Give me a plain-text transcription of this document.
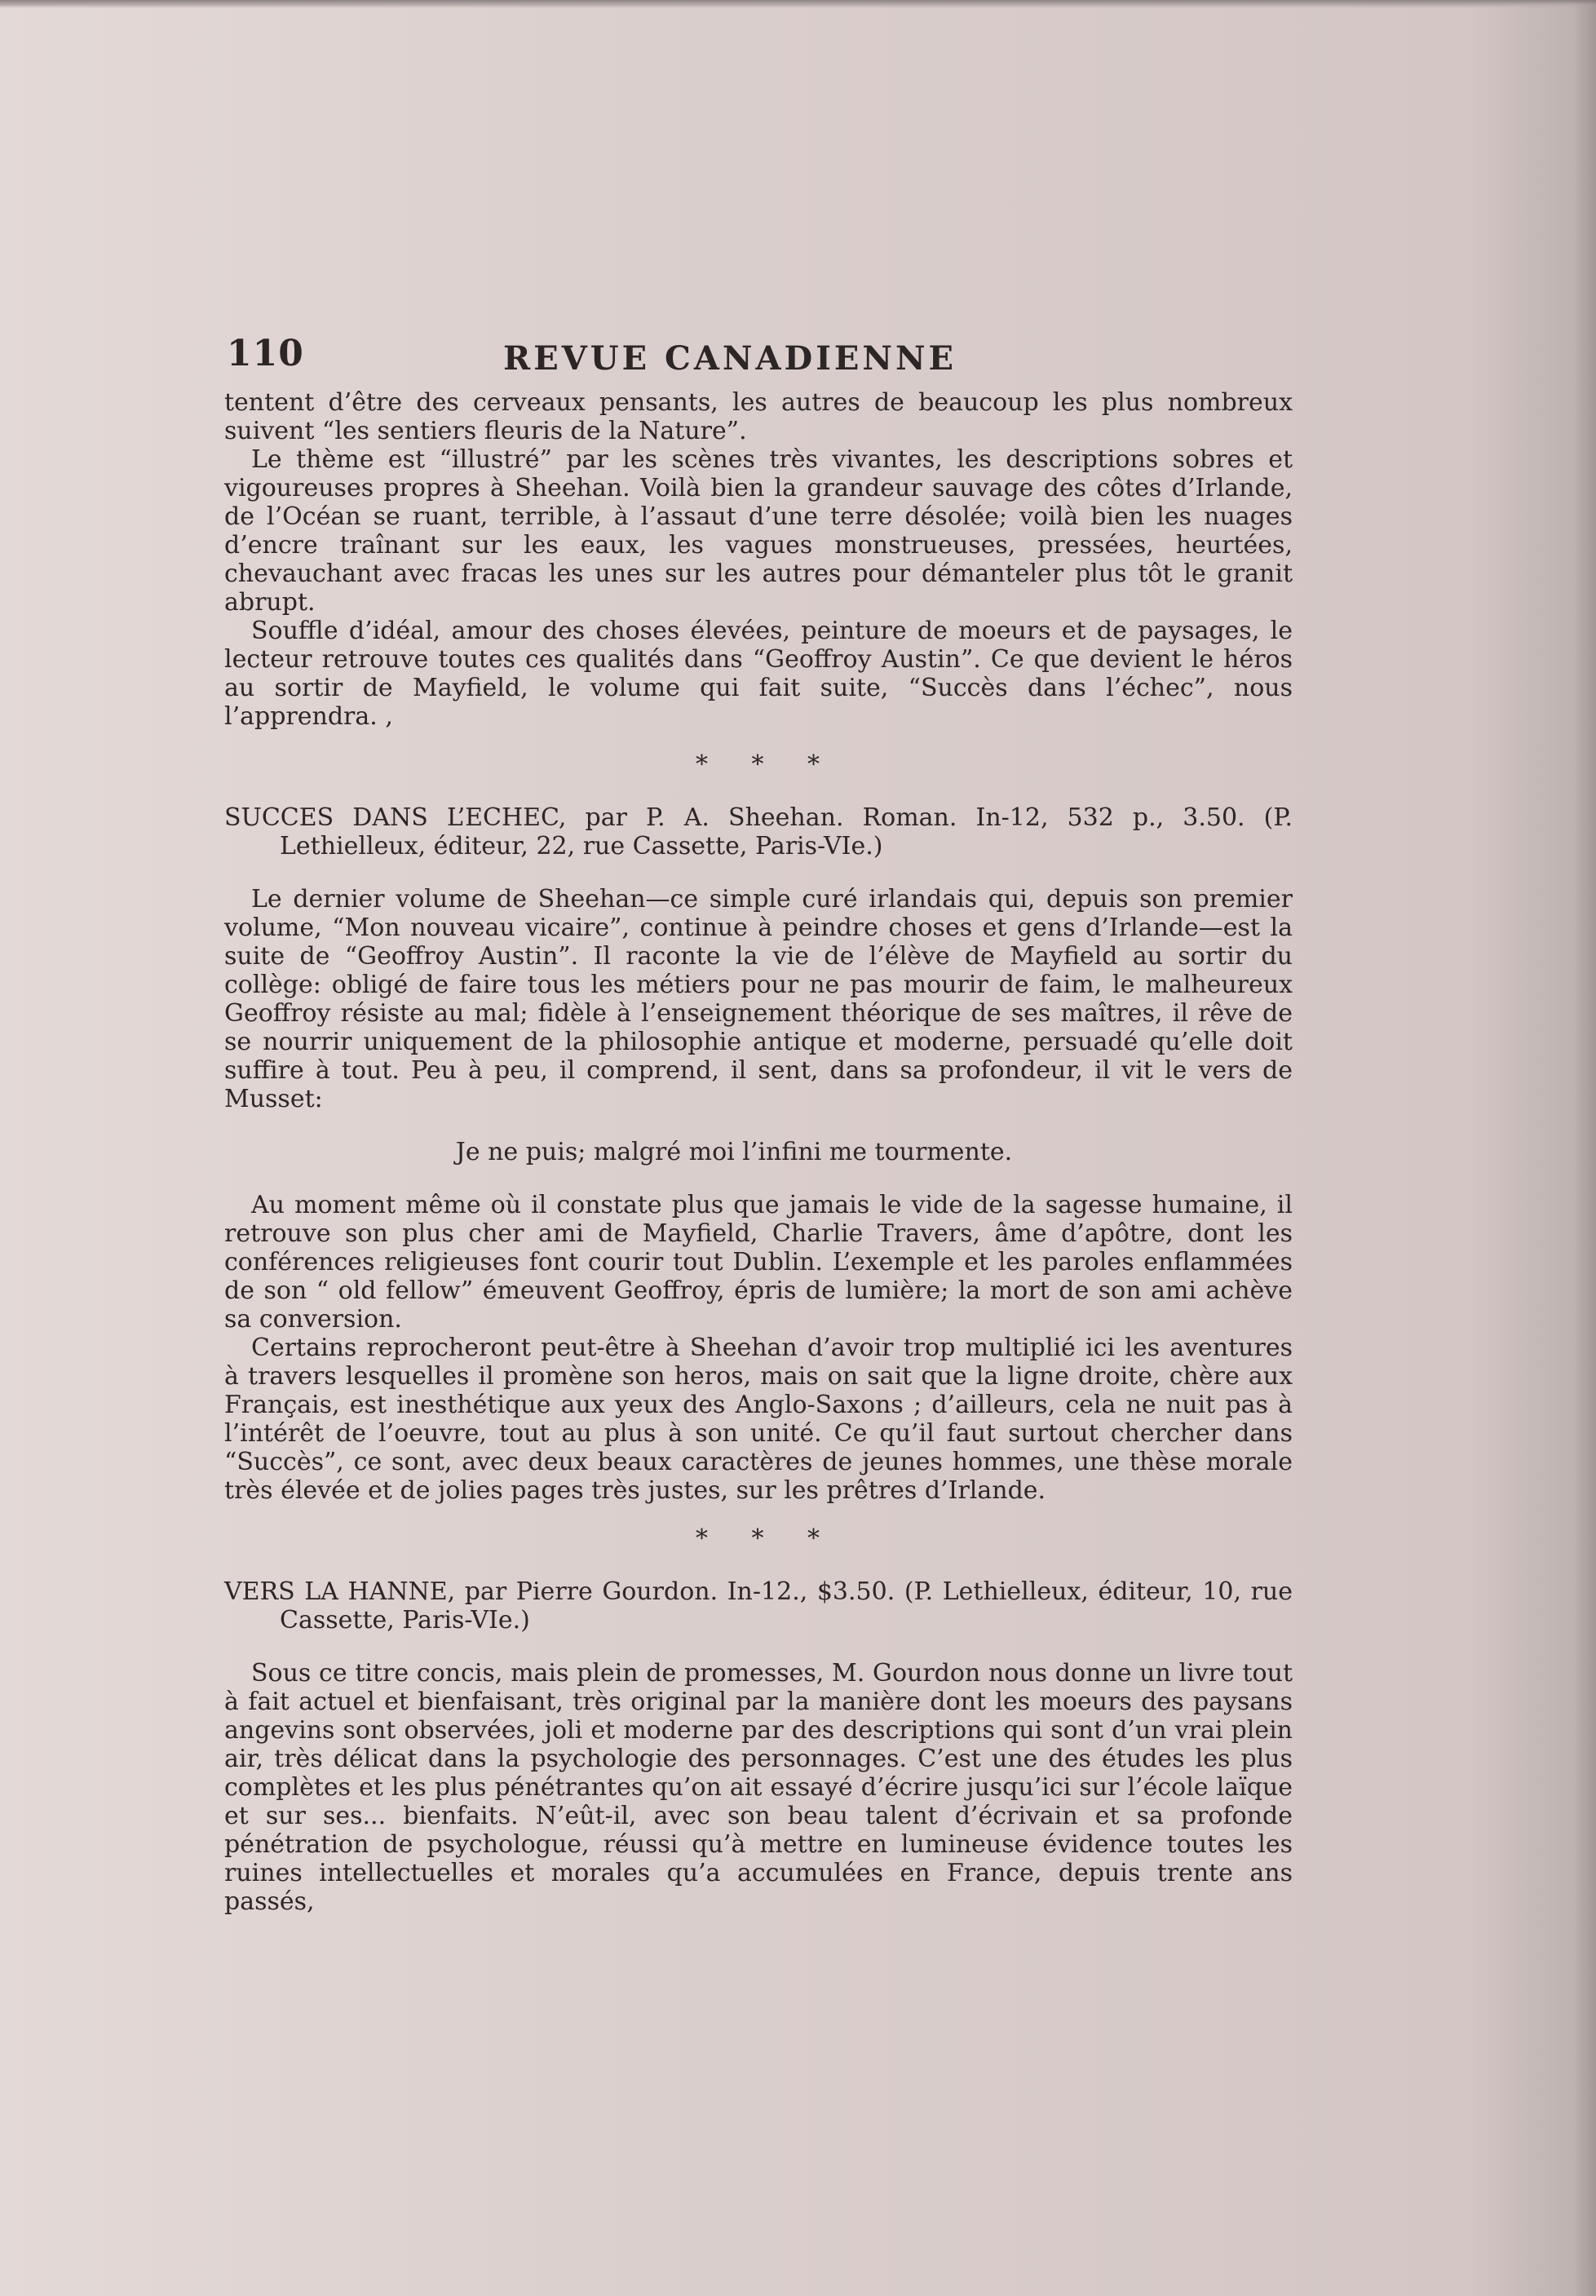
110	REVUE CANADIENNE

tentent d’être des cerveaux pensants, les autres de beaucoup les plus nombreux suivent “les sentiers fleuris de la Nature”.

Le thème est “illustré” par les scènes très vivantes, les descriptions sobres et vigoureuses propres à Sheehan. Voilà bien la grandeur sauvage des côtes d’Irlande, de l’Océan se ruant, terrible, à l’assaut d’une terre désolée; voilà bien les nuages d’encre traînant sur les eaux, les vagues monstrueuses, pressées, heurtées, chevauchant avec fracas les unes sur les autres pour démanteler plus tôt le granit abrupt.

Souffle d’idéal, amour des choses élevées, peinture de moeurs et de paysages, le lecteur retrouve toutes ces qualités dans “Geoffroy Austin”. Ce que devient le héros au sortir de Mayfield, le volume qui fait suite, “Succès dans l’échec”, nous l’apprendra. ,

* * *

SUCCES DANS L’ECHEC, par P. A. Sheehan. Roman. In-12, 532 p., 3.50. (P. Lethielleux, éditeur, 22, rue Cassette, Paris-VIe.)

Le dernier volume de Sheehan—ce simple curé irlandais qui, depuis son premier volume, “Mon nouveau vicaire”, continue à peindre choses et gens d’Irlande—est la suite de “Geoffroy Austin”. Il raconte la vie de l’élève de Mayfield au sortir du collège: obligé de faire tous les métiers pour ne pas mourir de faim, le malheureux Geoffroy résiste au mal; fidèle à l’enseignement théorique de ses maîtres, il rêve de se nourrir uniquement de la philosophie antique et moderne, persuadé qu’elle doit suffire à tout. Peu à peu, il comprend, il sent, dans sa profondeur, il vit le vers de Musset:

Je ne puis; malgré moi l’infini me tourmente.

Au moment même où il constate plus que jamais le vide de la sagesse humaine, il retrouve son plus cher ami de Mayfield, Charlie Travers, âme d’apôtre, dont les conférences religieuses font courir tout Dublin. L’exemple et les paroles enflammées de son “ old fellow” émeuvent Geoffroy, épris de lumière; la mort de son ami achève sa conversion.

Certains reprocheront peut-être à Sheehan d’avoir trop multiplié ici les aventures à travers lesquelles il promène son heros, mais on sait que la ligne droite, chère aux Français, est inesthétique aux yeux des Anglo-Saxons ; d’ailleurs, cela ne nuit pas à l’intérêt de l’oeuvre, tout au plus à son unité. Ce qu’il faut surtout chercher dans “Succès”, ce sont, avec deux beaux caractères de jeunes hommes, une thèse morale très élevée et de jolies pages très justes, sur les prêtres d’Irlande.

* * *

VERS LA HANNE, par Pierre Gourdon. In-12., $3.50. (P. Lethielleux, éditeur, 10, rue Cassette, Paris-VIe.)

Sous ce titre concis, mais plein de promesses, M. Gourdon nous donne un livre tout à fait actuel et bienfaisant, très original par la manière dont les moeurs des paysans angevins sont observées, joli et moderne par des descriptions qui sont d’un vrai plein air, très délicat dans la psychologie des personnages. C’est une des études les plus complètes et les plus pénétrantes qu’on ait essayé d’écrire jusqu’ici sur l’école laïque et sur ses... bienfaits. N’eût-il, avec son beau talent d’écrivain et sa profonde pénétration de psychologue, réussi qu’à mettre en lumineuse évidence toutes les ruines intellectuelles et morales qu’a accumulées en France, depuis trente ans passés,
